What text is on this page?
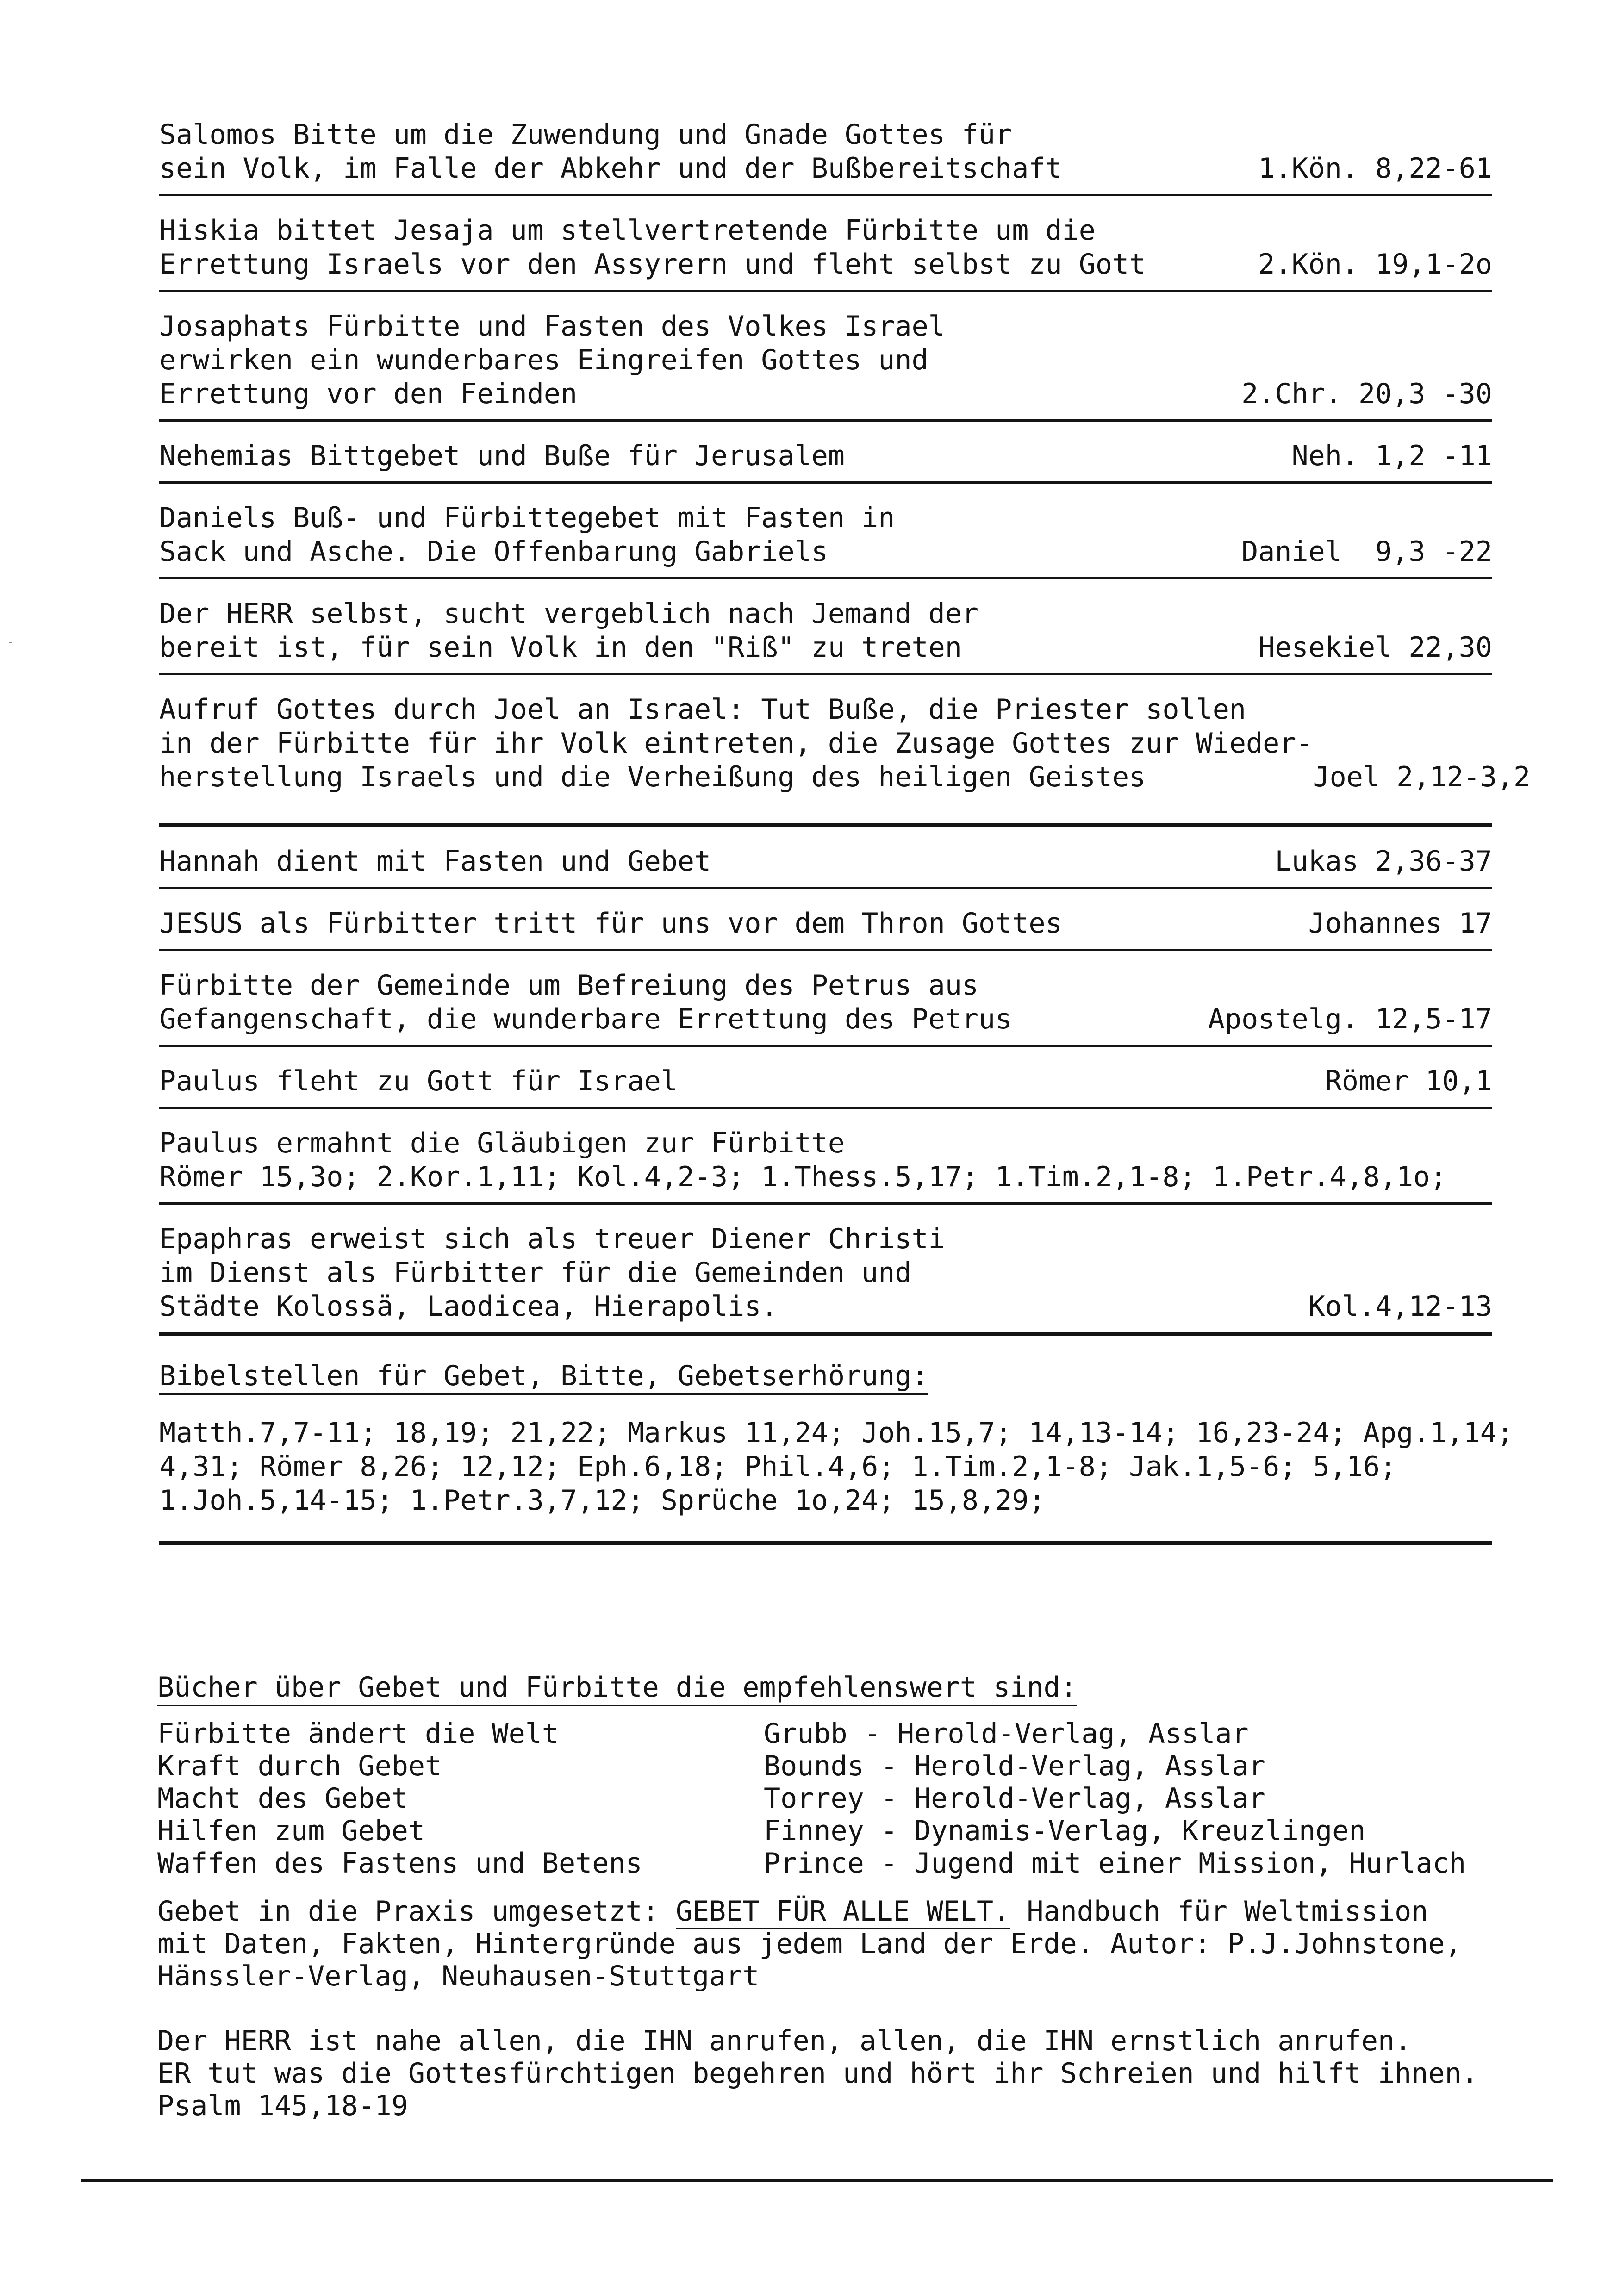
-
Salomos Bitte um die Zuwendung und Gnade Gottes für
sein Volk, im Falle der Abkehr und der Bußbereitschaft	1.Kön. 8,22-61
Hiskia bittet Jesaja um stellvertretende Fürbitte um die
Errettung Israels vor den Assyrern und fleht selbst zu Gott	2.Kön. 19,1-2o
Josaphats Fürbitte und Fasten des Volkes Israel
erwirken ein wunderbares Eingreifen Gottes und
Errettung vor den Feinden	2.Chr. 20,3 -30
Nehemias Bittgebet und Buße für Jerusalem	Neh. 1,2 -11
Daniels Buß- und Fürbittegebet mit Fasten in
Sack und Asche. Die Offenbarung Gabriels	Daniel  9,3 -22
Der HERR selbst, sucht vergeblich nach Jemand der
bereit ist, für sein Volk in den "Riß" zu treten	Hesekiel 22,30
Aufruf Gottes durch Joel an Israel: Tut Buße, die Priester sollen
in der Fürbitte für ihr Volk eintreten, die Zusage Gottes zur Wieder-
herstellung Israels und die Verheißung des heiligen Geistes	Joel 2,12-3,2
Hannah dient mit Fasten und Gebet	Lukas 2,36-37
JESUS als Fürbitter tritt für uns vor dem Thron Gottes	Johannes 17
Fürbitte der Gemeinde um Befreiung des Petrus aus
Gefangenschaft, die wunderbare Errettung des Petrus	Apostelg. 12,5-17
Paulus fleht zu Gott für Israel	Römer 10,1
Paulus ermahnt die Gläubigen zur Fürbitte
Römer 15,3o; 2.Kor.1,11; Kol.4,2-3; 1.Thess.5,17; 1.Tim.2,1-8; 1.Petr.4,8,1o;
Epaphras erweist sich als treuer Diener Christi
im Dienst als Fürbitter für die Gemeinden und
Städte Kolossä, Laodicea, Hierapolis.	Kol.4,12-13
Bibelstellen für Gebet, Bitte, Gebetserhörung:
Matth.7,7-11; 18,19; 21,22; Markus 11,24; Joh.15,7; 14,13-14; 16,23-24; Apg.1,14;
4,31; Römer 8,26; 12,12; Eph.6,18; Phil.4,6; 1.Tim.2,1-8; Jak.1,5-6; 5,16;
1.Joh.5,14-15; 1.Petr.3,7,12; Sprüche 1o,24; 15,8,29;
Bücher über Gebet und Fürbitte die empfehlenswert sind:
Fürbitte ändert die Welt	Grubb - Herold-Verlag, Asslar
Kraft durch Gebet	Bounds - Herold-Verlag, Asslar
Macht des Gebet	Torrey - Herold-Verlag, Asslar
Hilfen zum Gebet	Finney - Dynamis-Verlag, Kreuzlingen
Waffen des Fastens und Betens	Prince - Jugend mit einer Mission, Hurlach
Gebet in die Praxis umgesetzt: GEBET FÜR ALLE WELT. Handbuch für Weltmission
mit Daten, Fakten, Hintergründe aus jedem Land der Erde. Autor: P.J.Johnstone,
Hänssler-Verlag, Neuhausen-Stuttgart
Der HERR ist nahe allen, die IHN anrufen, allen, die IHN ernstlich anrufen.
ER tut was die Gottesfürchtigen begehren und hört ihr Schreien und hilft ihnen.
Psalm 145,18-19
